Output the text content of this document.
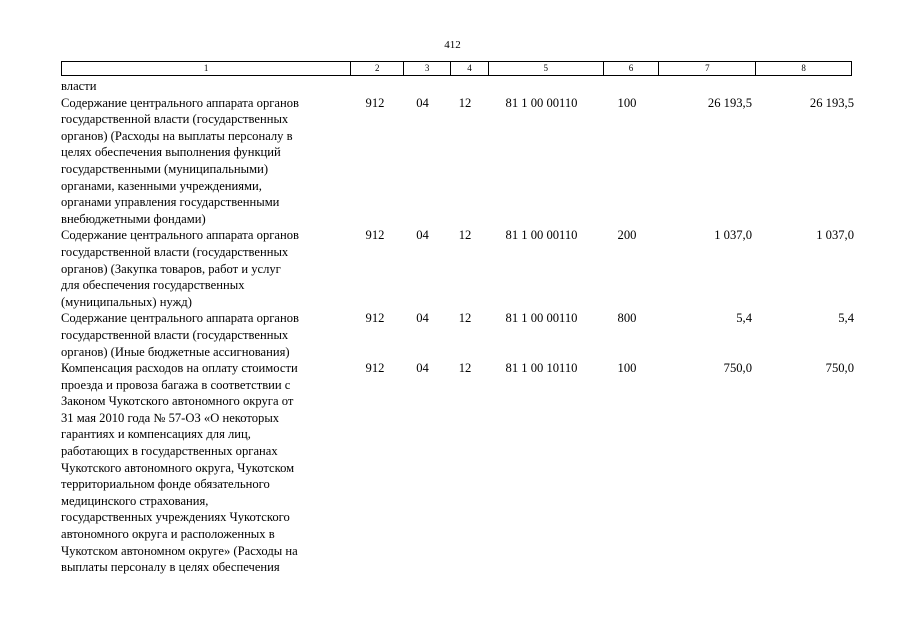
412
1	2	3	4	5	6	7	8
власти
Содержание центрального аппарата органов
государственной власти (государственных
органов) (Расходы на выплаты персоналу в
целях обеспечения выполнения функций
государственными (муниципальными)
органами, казенными учреждениями,
органами управления государственными
внебюджетными фондами)
912	04	12	81 1 00 00110	100	26 193,5	26 193,5
Содержание центрального аппарата органов
государственной власти (государственных
органов) (Закупка товаров, работ и услуг
для обеспечения государственных
(муниципальных) нужд)
912	04	12	81 1 00 00110	200	1 037,0	1 037,0
Содержание центрального аппарата органов
государственной власти (государственных
органов) (Иные бюджетные ассигнования)
912	04	12	81 1 00 00110	800	5,4	5,4
Компенсация расходов на оплату стоимости
проезда и провоза багажа в соответствии с
Законом Чукотского автономного округа от
31 мая 2010 года № 57-ОЗ «О некоторых
гарантиях и компенсациях для лиц,
работающих в государственных органах
Чукотского автономного округа, Чукотском
территориальном фонде обязательного
медицинского страхования,
государственных учреждениях Чукотского
автономного округа и расположенных в
Чукотском автономном округе» (Расходы на
выплаты персоналу в целях обеспечения
912	04	12	81 1 00 10110	100	750,0	750,0
